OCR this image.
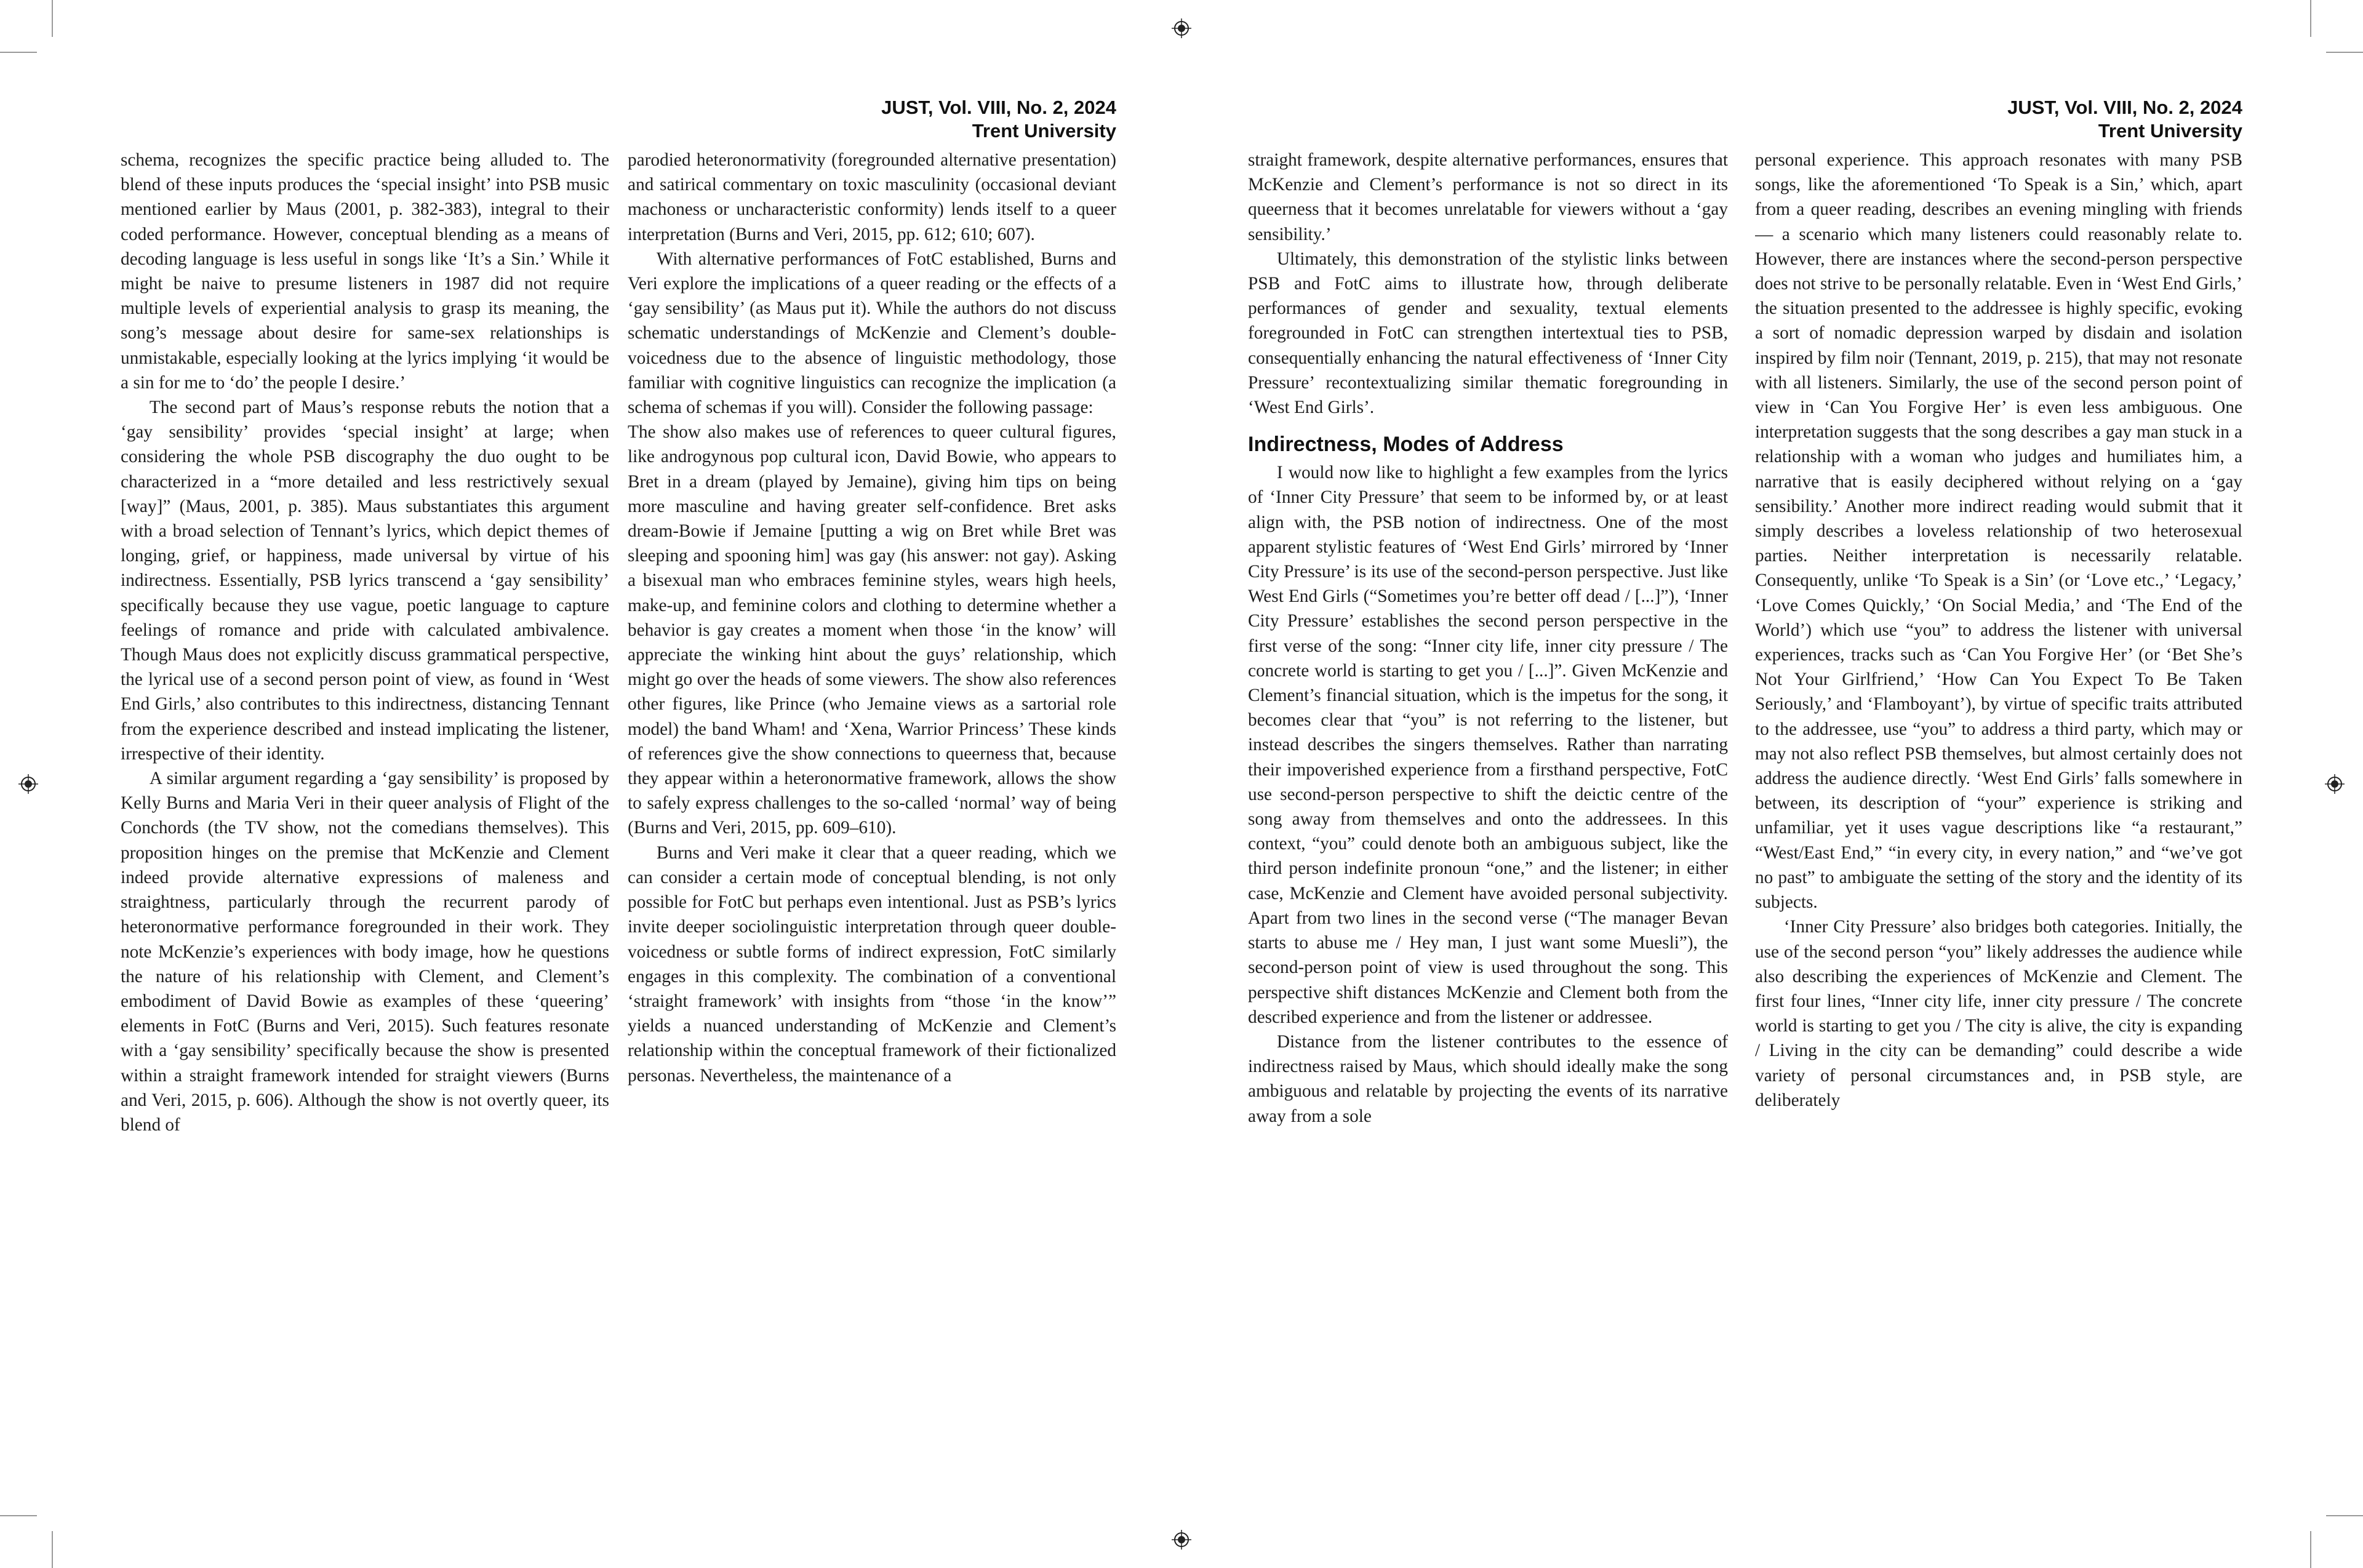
JUST, Vol. VIII, No. 2, 2024
Trent University
JUST, Vol. VIII, No. 2, 2024
Trent University

schema, recognizes the specific practice being alluded to. The blend of these inputs produces the ‘special insight’ into PSB music mentioned earlier by Maus (2001, p. 382-383), integral to their coded performance. However, conceptual blending as a means of decoding language is less useful in songs like ‘It’s a Sin.’ While it might be naive to presume listeners in 1987 did not require multiple levels of experiential analysis to grasp its meaning, the song’s message about desire for same-sex relationships is unmistakable, especially looking at the lyrics implying ‘it would be a sin for me to ‘do’ the people I desire.’

The second part of Maus’s response rebuts the notion that a ‘gay sensibility’ provides ‘special insight’ at large; when considering the whole PSB discography the duo ought to be characterized in a “more detailed and less restrictively sexual [way]” (Maus, 2001, p. 385). Maus substantiates this argument with a broad selection of Tennant’s lyrics, which depict themes of longing, grief, or happiness, made universal by virtue of his indirectness. Essentially, PSB lyrics transcend a ‘gay sensibility’ specifically because they use vague, poetic language to capture feelings of romance and pride with calculated ambivalence. Though Maus does not explicitly discuss grammatical perspective, the lyrical use of a second person point of view, as found in ‘West End Girls,’ also contributes to this indirectness, distancing Tennant from the experience described and instead implicating the listener, irrespective of their identity.

A similar argument regarding a ‘gay sensibility’ is proposed by Kelly Burns and Maria Veri in their queer analysis of Flight of the Conchords (the TV show, not the comedians themselves). This proposition hinges on the premise that McKenzie and Clement indeed provide alternative expressions of maleness and straightness, particularly through the recurrent parody of heteronormative performance foregrounded in their work. They note McKenzie’s experiences with body image, how he questions the nature of his relationship with Clement, and Clement’s embodiment of David Bowie as examples of these ‘queering’ elements in FotC (Burns and Veri, 2015). Such features resonate with a ‘gay sensibility’ specifically because the show is presented within a straight framework intended for straight viewers (Burns and Veri, 2015, p. 606). Although the show is not overtly queer, its blend of

parodied heteronormativity (foregrounded alternative presentation) and satirical commentary on toxic masculinity (occasional deviant machoness or uncharacteristic conformity) lends itself to a queer interpretation (Burns and Veri, 2015, pp. 612; 610; 607).

With alternative performances of FotC established, Burns and Veri explore the implications of a queer reading or the effects of a ‘gay sensibility’ (as Maus put it). While the authors do not discuss schematic understandings of McKenzie and Clement’s double-voicedness due to the absence of linguistic methodology, those familiar with cognitive linguistics can recognize the implication (a schema of schemas if you will). Consider the following passage:

The show also makes use of references to queer cultural figures, like androgynous pop cultural icon, David Bowie, who appears to Bret in a dream (played by Jemaine), giving him tips on being more masculine and having greater self-confidence. Bret asks dream-Bowie if Jemaine [putting a wig on Bret while Bret was sleeping and spooning him] was gay (his answer: not gay). Asking a bisexual man who embraces feminine styles, wears high heels, make-up, and feminine colors and clothing to determine whether a behavior is gay creates a moment when those ‘in the know’ will appreciate the winking hint about the guys’ relationship, which might go over the heads of some viewers. The show also references other figures, like Prince (who Jemaine views as a sartorial role model) the band Wham! and ‘Xena, Warrior Princess’ These kinds of references give the show connections to queerness that, because they appear within a heteronormative framework, allows the show to safely express challenges to the so-called ‘normal’ way of being (Burns and Veri, 2015, pp. 609–610).

Burns and Veri make it clear that a queer reading, which we can consider a certain mode of conceptual blending, is not only possible for FotC but perhaps even intentional. Just as PSB’s lyrics invite deeper sociolinguistic interpretation through queer double-voicedness or subtle forms of indirect expression, FotC similarly engages in this complexity. The combination of a conventional ‘straight framework’ with insights from “those ‘in the know’” yields a nuanced understanding of McKenzie and Clement’s relationship within the conceptual framework of their fictionalized personas. Nevertheless, the maintenance of a

straight framework, despite alternative performances, ensures that McKenzie and Clement’s performance is not so direct in its queerness that it becomes unrelatable for viewers without a ‘gay sensibility.’

Ultimately, this demonstration of the stylistic links between PSB and FotC aims to illustrate how, through deliberate performances of gender and sexuality, textual elements foregrounded in FotC can strengthen intertextual ties to PSB, consequentially enhancing the natural effectiveness of ‘Inner City Pressure’ recontextualizing similar thematic foregrounding in ‘West End Girls’.

Indirectness, Modes of Address

I would now like to highlight a few examples from the lyrics of ‘Inner City Pressure’ that seem to be informed by, or at least align with, the PSB notion of indirectness. One of the most apparent stylistic features of ‘West End Girls’ mirrored by ‘Inner City Pressure’ is its use of the second-person perspective. Just like West End Girls (“Sometimes you’re better off dead / [...]”), ‘Inner City Pressure’ establishes the second person perspective in the first verse of the song: “Inner city life, inner city pressure / The concrete world is starting to get you / [...]”. Given McKenzie and Clement’s financial situation, which is the impetus for the song, it becomes clear that “you” is not referring to the listener, but instead describes the singers themselves. Rather than narrating their impoverished experience from a firsthand perspective, FotC use second-person perspective to shift the deictic centre of the song away from themselves and onto the addressees. In this context, “you” could denote both an ambiguous subject, like the third person indefinite pronoun “one,” and the listener; in either case, McKenzie and Clement have avoided personal subjectivity. Apart from two lines in the second verse (“The manager Bevan starts to abuse me / Hey man, I just want some Muesli”), the second-person point of view is used throughout the song. This perspective shift distances McKenzie and Clement both from the described experience and from the listener or addressee.

Distance from the listener contributes to the essence of indirectness raised by Maus, which should ideally make the song ambiguous and relatable by projecting the events of its narrative away from a sole

personal experience. This approach resonates with many PSB songs, like the aforementioned ‘To Speak is a Sin,’ which, apart from a queer reading, describes an evening mingling with friends — a scenario which many listeners could reasonably relate to. However, there are instances where the second-person perspective does not strive to be personally relatable. Even in ‘West End Girls,’ the situation presented to the addressee is highly specific, evoking a sort of nomadic depression warped by disdain and isolation inspired by film noir (Tennant, 2019, p. 215), that may not resonate with all listeners. Similarly, the use of the second person point of view in ‘Can You Forgive Her’ is even less ambiguous. One interpretation suggests that the song describes a gay man stuck in a relationship with a woman who judges and humiliates him, a narrative that is easily deciphered without relying on a ‘gay sensibility.’ Another more indirect reading would submit that it simply describes a loveless relationship of two heterosexual parties. Neither interpretation is necessarily relatable. Consequently, unlike ‘To Speak is a Sin’ (or ‘Love etc.,’ ‘Legacy,’ ‘Love Comes Quickly,’ ‘On Social Media,’ and ‘The End of the World’) which use “you” to address the listener with universal experiences, tracks such as ‘Can You Forgive Her’ (or ‘Bet She’s Not Your Girlfriend,’ ‘How Can You Expect To Be Taken Seriously,’ and ‘Flamboyant’), by virtue of specific traits attributed to the addressee, use “you” to address a third party, which may or may not also reflect PSB themselves, but almost certainly does not address the audience directly. ‘West End Girls’ falls somewhere in between, its description of “your” experience is striking and unfamiliar, yet it uses vague descriptions like “a restaurant,” “West/East End,” “in every city, in every nation,” and “we’ve got no past” to ambiguate the setting of the story and the identity of its subjects.

‘Inner City Pressure’ also bridges both categories. Initially, the use of the second person “you” likely addresses the audience while also describing the experiences of McKenzie and Clement. The first four lines, “Inner city life, inner city pressure / The concrete world is starting to get you / The city is alive, the city is expanding / Living in the city can be demanding” could describe a wide variety of personal circumstances and, in PSB style, are deliberately
